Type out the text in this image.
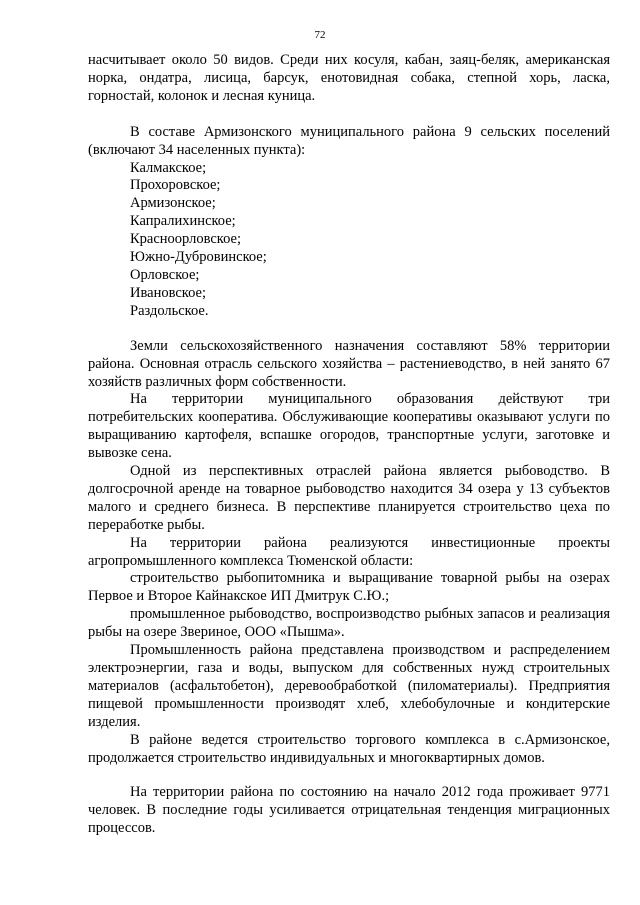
72

насчитывает около 50 видов. Среди них косуля, кабан, заяц-беляк, американская норка, ондатра, лисица, барсук, енотовидная собака, степной хорь, ласка, горностай, колонок и лесная куница.

В составе Армизонского муниципального района 9 сельских поселений (включают 34 населенных пункта):

Калмакское;
Прохоровское;
Армизонское;
Капралихинское;
Красноорловское;
Южно-Дубровинское;
Орловское;
Ивановское;
Раздольское.

Земли сельскохозяйственного назначения составляют 58% территории района. Основная отрасль сельского хозяйства – растениеводство, в ней занято 67 хозяйств различных форм собственности.

На территории муниципального образования действуют три потребительских кооператива. Обслуживающие кооперативы оказывают услуги по выращиванию картофеля, вспашке огородов, транспортные услуги, заготовке и вывозке сена.

Одной из перспективных отраслей района является рыбоводство. В долгосрочной аренде на товарное рыбоводство находится 34 озера у 13 субъектов малого и среднего бизнеса. В перспективе планируется строительство цеха по переработке рыбы.

На территории района реализуются инвестиционные проекты агропромышленного комплекса Тюменской области:

строительство рыбопитомника и выращивание товарной рыбы на озерах Первое и Второе Кайнакское ИП Дмитрук С.Ю.;

промышленное рыбоводство, воспроизводство рыбных запасов и реализация рыбы на озере Звериное, ООО «Пышма».

Промышленность района представлена производством и распределением электроэнергии, газа и воды, выпуском для собственных нужд строительных материалов (асфальтобетон), деревообработкой (пиломатериалы). Предприятия пищевой промышленности производят хлеб, хлебобулочные и кондитерские изделия.

В районе ведется строительство торгового комплекса в с.Армизонское, продолжается строительство индивидуальных и многоквартирных домов.

На территории района по состоянию на начало 2012 года проживает 9771 человек. В последние годы усиливается отрицательная тенденция миграционных процессов.
